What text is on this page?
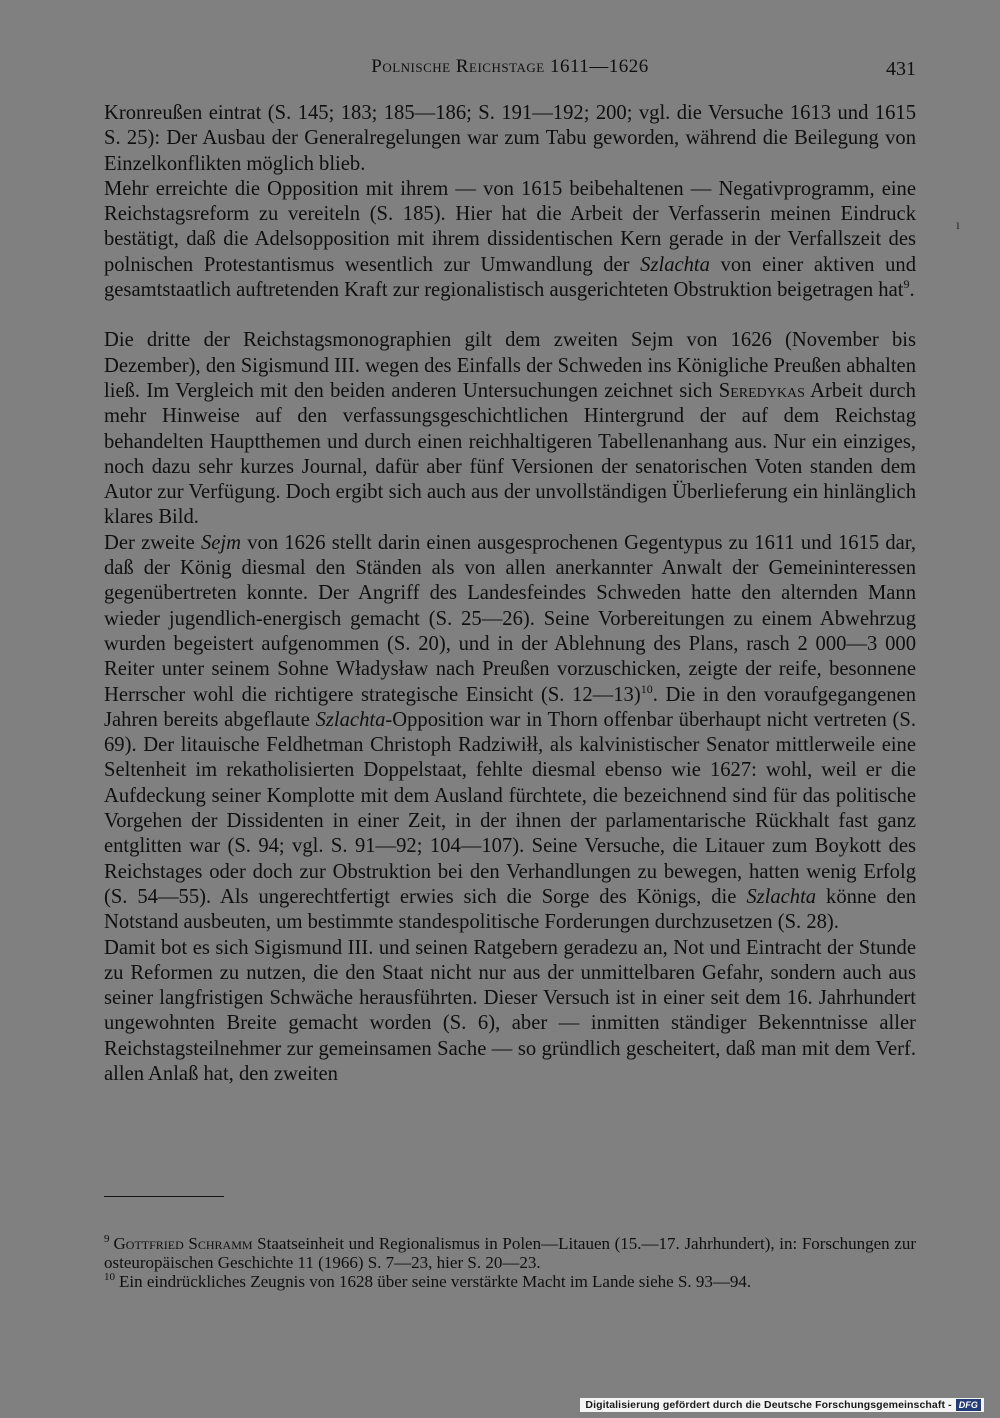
Polnische Reichstage 1611—1626	431

Kronreußen eintrat (S. 145; 183; 185—186; S. 191—192; 200; vgl. die Versuche 1613 und 1615 S. 25): Der Ausbau der Generalregelungen war zum Tabu geworden, während die Beilegung von Einzelkonflikten möglich blieb.

Mehr erreichte die Opposition mit ihrem — von 1615 beibehaltenen — Negativprogramm, eine Reichstagsreform zu vereiteln (S. 185). Hier hat die Arbeit der Verfasserin meinen Eindruck bestätigt, daß die Adelsopposition mit ihrem dissidentischen Kern gerade in der Verfallszeit des polnischen Protestantismus wesentlich zur Umwandlung der Szlachta von einer aktiven und gesamtstaatlich auftretenden Kraft zur regionalistisch ausgerichteten Obstruktion beigetragen hat$^9$.

Die dritte der Reichstagsmonographien gilt dem zweiten Sejm von 1626 (November bis Dezember), den Sigismund III. wegen des Einfalls der Schweden ins Königliche Preußen abhalten ließ. Im Vergleich mit den beiden anderen Untersuchungen zeichnet sich Seredykas Arbeit durch mehr Hinweise auf den verfassungsgeschichtlichen Hintergrund der auf dem Reichstag behandelten Hauptthemen und durch einen reichhaltigeren Tabellenanhang aus. Nur ein einziges, noch dazu sehr kurzes Journal, dafür aber fünf Versionen der senatorischen Voten standen dem Autor zur Verfügung. Doch ergibt sich auch aus der unvollständigen Überlieferung ein hinlänglich klares Bild.

Der zweite Sejm von 1626 stellt darin einen ausgesprochenen Gegentypus zu 1611 und 1615 dar, daß der König diesmal den Ständen als von allen anerkannter Anwalt der Gemeininteressen gegenübertreten konnte. Der Angriff des Landesfeindes Schweden hatte den alternden Mann wieder jugendlich-energisch gemacht (S. 25—26). Seine Vorbereitungen zu einem Abwehrzug wurden begeistert aufgenommen (S. 20), und in der Ablehnung des Plans, rasch 2 000—3 000 Reiter unter seinem Sohne Władysław nach Preußen vorzuschicken, zeigte der reife, besonnene Herrscher wohl die richtigere strategische Einsicht (S. 12—13)$^{10}$. Die in den voraufgegangenen Jahren bereits abgeflaute Szlachta-Opposition war in Thorn offenbar überhaupt nicht vertreten (S. 69). Der litauische Feldhetman Christoph Radziwiłł, als kalvinistischer Senator mittlerweile eine Seltenheit im rekatholisierten Doppelstaat, fehlte diesmal ebenso wie 1627: wohl, weil er die Aufdeckung seiner Komplotte mit dem Ausland fürchtete, die bezeichnend sind für das politische Vorgehen der Dissidenten in einer Zeit, in der ihnen der parlamentarische Rückhalt fast ganz entglitten war (S. 94; vgl. S. 91—92; 104—107). Seine Versuche, die Litauer zum Boykott des Reichstages oder doch zur Obstruktion bei den Verhandlungen zu bewegen, hatten wenig Erfolg (S. 54—55). Als ungerechtfertigt erwies sich die Sorge des Königs, die Szlachta könne den Notstand ausbeuten, um bestimmte standespolitische Forderungen durchzusetzen (S. 28).

Damit bot es sich Sigismund III. und seinen Ratgebern geradezu an, Not und Eintracht der Stunde zu Reformen zu nutzen, die den Staat nicht nur aus der unmittelbaren Gefahr, sondern auch aus seiner langfristigen Schwäche herausführten. Dieser Versuch ist in einer seit dem 16. Jahrhundert ungewohnten Breite gemacht worden (S. 6), aber — inmitten ständiger Bekenntnisse aller Reichstagsteilnehmer zur gemeinsamen Sache — so gründlich gescheitert, daß man mit dem Verf. allen Anlaß hat, den zweiten

ı

$^9$ Gottfried Schramm Staatseinheit und Regionalismus in Polen—Litauen (15.—17. Jahrhundert), in: Forschungen zur osteuropäischen Geschichte 11 (1966) S. 7—23, hier S. 20—23.

$^{10}$ Ein eindrückliches Zeugnis von 1628 über seine verstärkte Macht im Lande siehe S. 93—94.

Digitalisierung gefördert durch die Deutsche Forschungsgemeinschaft - DFG
